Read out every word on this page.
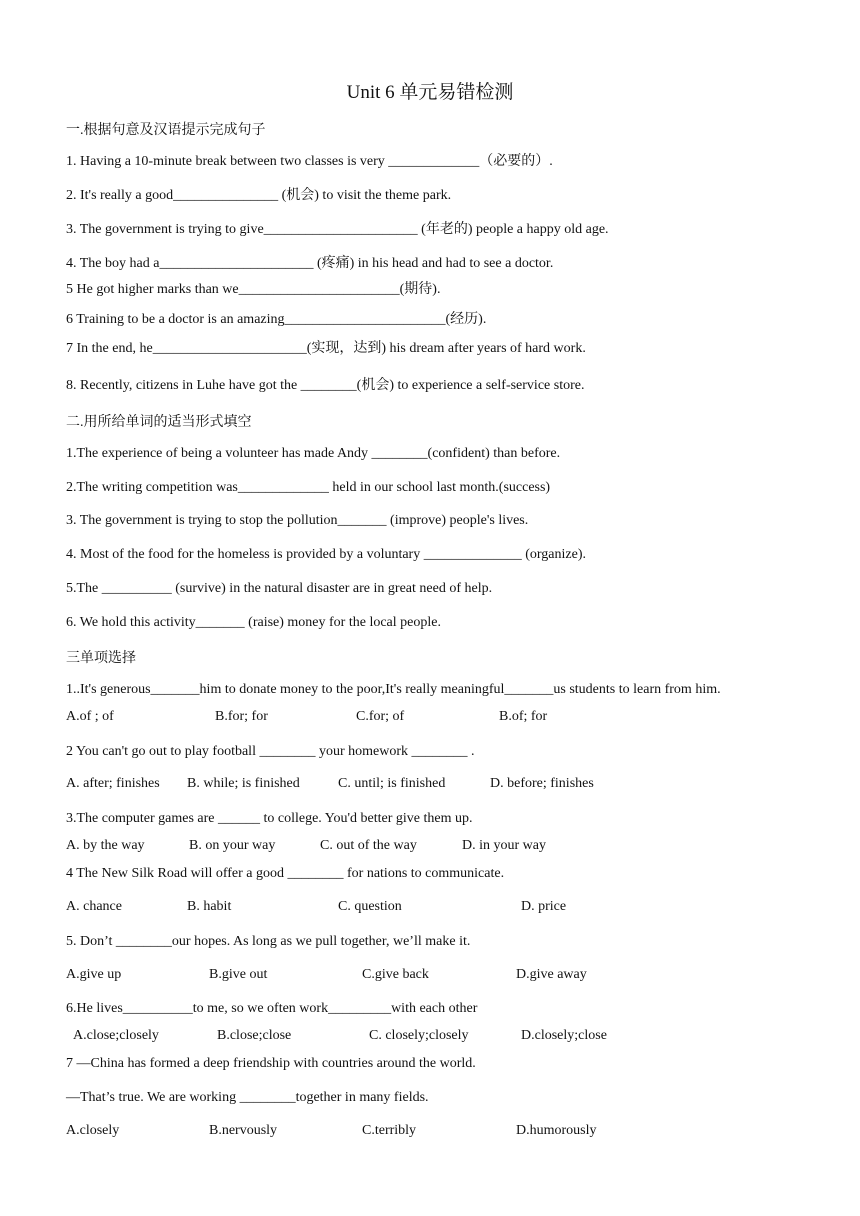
Unit 6 单元易错检测
一.根据句意及汉语提示完成句子
1. Having a 10-minute break between two classes is very _____________（必要的）.
2. It's really a good_______________ (机会) to visit the theme park.
3. The government is trying to give______________________ (年老的) people a happy old age.
4. The boy had a______________________ (疼痛) in his head and had to see a doctor.
5 He got higher marks than we_______________________(期待).
6 Training to be a doctor is an amazing_______________________(经历).
7 In the end, he______________________(实现，达到) his dream after years of hard work.
8. Recently, citizens in Luhe have got the ________(机会) to experience a self-service store.
二.用所给单词的适当形式填空
1.The experience of being a volunteer has made Andy ________(confident) than before.
2.The writing competition was_____________ held in our school last month.(success)
3. The government is trying to stop the pollution_______ (improve) people's lives.
4. Most of the food for the homeless is provided by a voluntary ______________ (organize).
5.The __________ (survive) in the natural disaster are in great need of help.
6. We hold this activity_______ (raise) money for the local people.
三单项选择
1..It's generous_______him to donate money to the poor,It's really meaningful_______us students to learn from him.
A.of ; of	B.for; for	C.for; of	B.of; for
2 You can't go out to play football ________ your homework ________ .
A. after; finishes B. while; is finished	C. until; is finished	D. before; finishes
3.The computer games are ______ to college. You'd better give them up.
A. by the way	B. on your way	C. out of the way	D. in your way
4 The New Silk Road will offer a good ________ for nations to communicate.
A. chance	B. habit	C. question	D. price
5. Don’t ________our hopes. As long as we pull together, we’ll make it.
A.give up	B.give out	C.give back	D.give away
6.He lives__________to me, so we often work_________with each other
A.close;closely	B.close;close	C. closely;closely	D.closely;close
7 —China has formed a deep friendship with countries around the world.
—That’s true. We are working ________together in many fields.
A.closely	B.nervously	C.terribly	D.humorously
